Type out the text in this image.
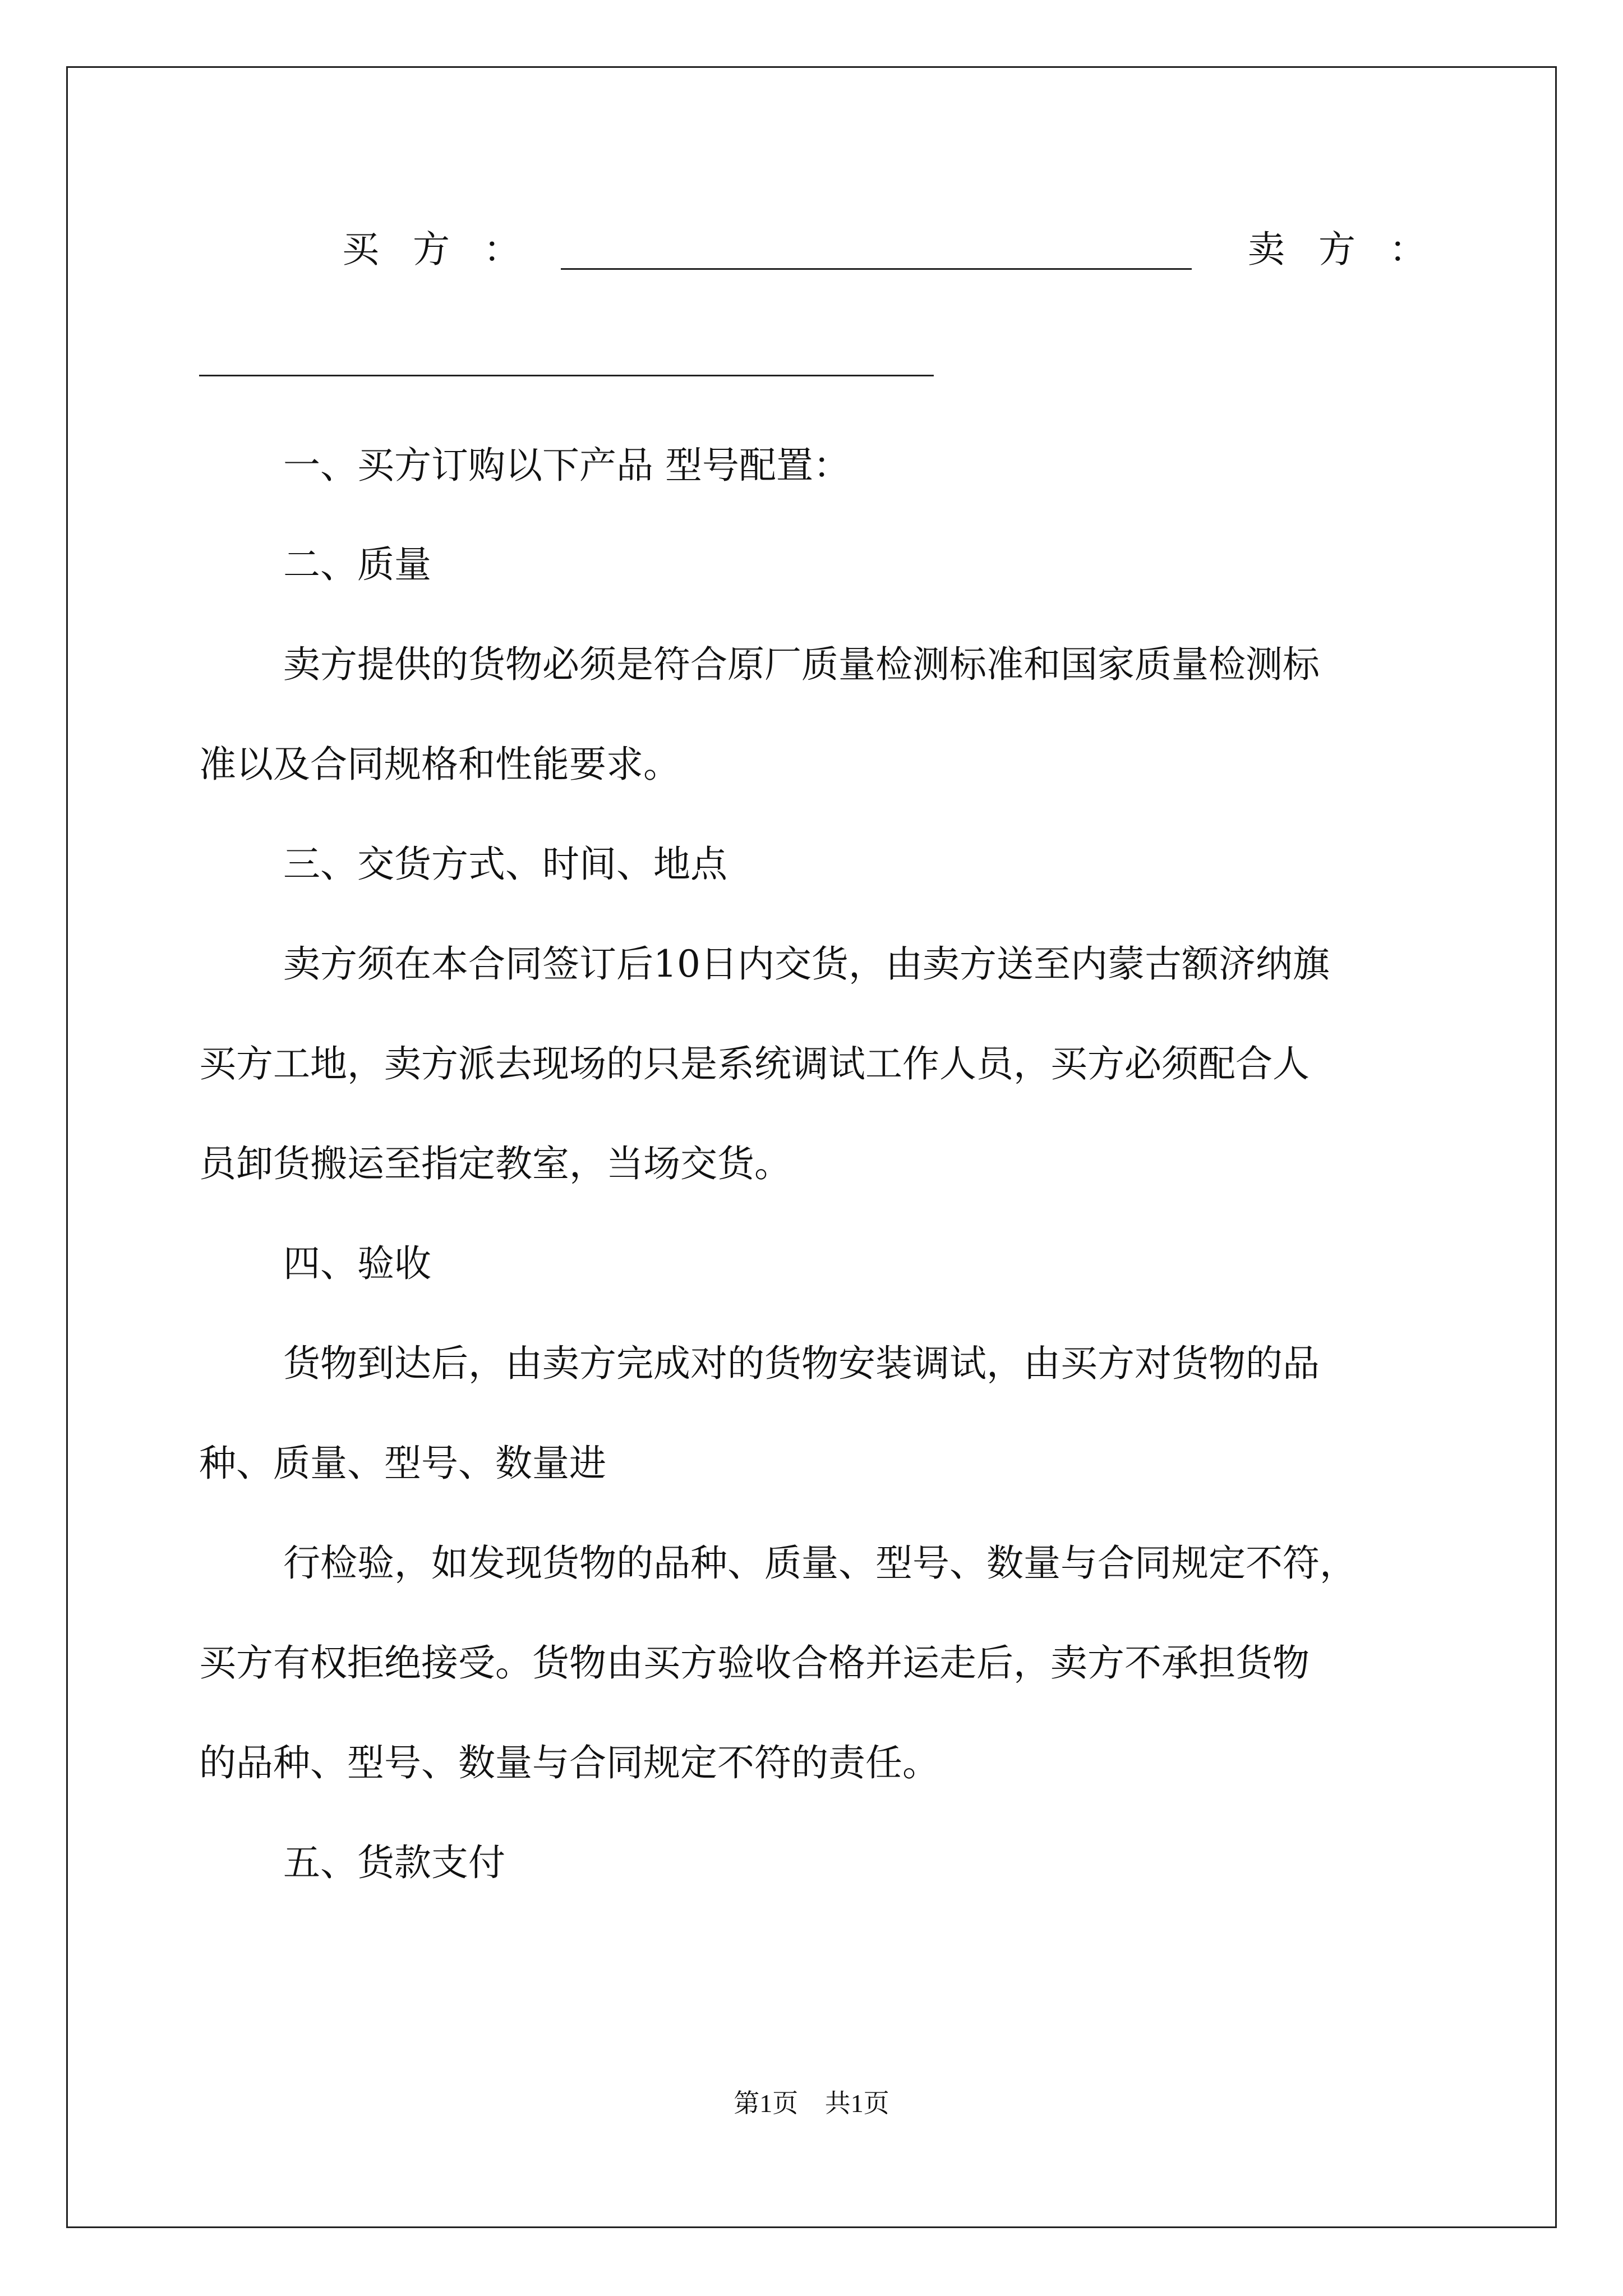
买方：	卖方：
一、买方订购以下产品 型号配置：
二、质量
卖方提供的货物必须是符合原厂质量检测标准和国家质量检测标
准以及合同规格和性能要求。
三、交货方式、时间、地点
卖方须在本合同签订后10日内交货，由卖方送至内蒙古额济纳旗
买方工地，卖方派去现场的只是系统调试工作人员，买方必须配合人
员卸货搬运至指定教室，当场交货。
四、验收
货物到达后，由卖方完成对的货物安装调试，由买方对货物的品
种、质量、型号、数量进
行检验，如发现货物的品种、质量、型号、数量与合同规定不符，
买方有权拒绝接受。货物由买方验收合格并运走后，卖方不承担货物
的品种、型号、数量与合同规定不符的责任。
五、货款支付
第1页 共1页
